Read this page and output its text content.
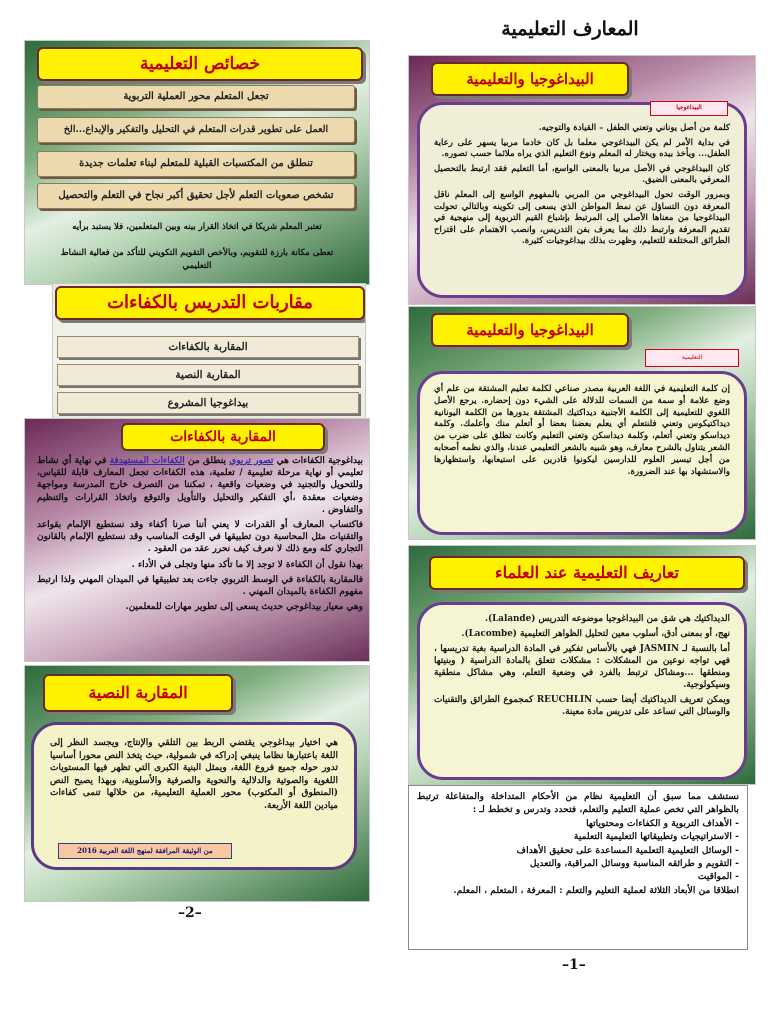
المعارف التعليمية
خصائص التعليمية
تجعل المتعلم محور العملية التربوية
العمل على تطوير قدرات المتعلم في التحليل والتفكير والإبداع...الخ
تنطلق من المكتسبات القبلية للمتعلم لبناء تعلمات جديدة
تشخص صعوبات التعلم لأجل تحقيق أكبر نجاح في التعلم والتحصيل
تعتبر المعلم شريكا في اتخاذ القرار بينه وبين المتعلمين، فلا يستبد برأيه
تعطى مكانة بارزة للتقويم، وبالأخص التقويم التكويني للتأكد من فعالية النشاط التعليمي
مقاربات التدريس بالكفاءات
المقاربة بالكفاءات
المقاربة النصية
بيداغوجيا المشروع
المقاربة بالكفاءات

بيداغوجية الكفاءات هي تصور تربوي ينطلق من الكفاءات المستهدفة في نهاية أي نشاط تعليمي أو نهاية مرحلة تعليمية / تعلمية، هذه الكفاءات تجعل المعارف قابلة للقياس، وللتحويل والتجنيد في وضعيات واقعية ، تمكننا من التصرف خارج المدرسة ومواجهة وضعيات معقدة ،أي التفكير والتحليل والتأويل والتوقع واتخاذ القرارات والتنظيم والتفاوض .

فاكتساب المعارف أو القدرات لا يعني أننا صرنا أكفاء وقد نستطيع الإلمام بقواعد والتقنيات مثل المحاسبة دون تطبيقها في الوقت المناسب وقد نستطيع الإلمام بالقانون التجاري كله ومع ذلك لا نعرف كيف نحرر عقد من العقود .

بهذا نقول أن الكفاءة لا توجد إلا ما تأكد منها وتجلى في الأداء .

فالمقاربة بالكفاءة في الوسط التربوي جاءت بعد تطبيقها في الميدان المهني ولذا ارتبط مفهوم الكفاءة بالميدان المهني .

وهي معيار بيداغوجي حديث يسعى إلى تطوير مهارات للمعلمين.

المقاربة النصية
هي اختيار بيداغوجي يقتضي الربط بين التلقي والإنتاج، ويجسد النظر إلى اللغة باعتبارها نظاما ينبغي إدراكه في شمولية، حيث يتخذ النص محورا أساسيا تدور حوله جميع فروع اللغة، ويمثل البنية الكبرى التي تظهر فيها المستويات اللغوية والصوتية والدلالية والنحوية والصرفية والأسلوبية، وبهذا يصبح النص (المنطوق أو المكتوب) محور العملية التعليمية، من خلالها تنمى كفاءات ميادين اللغة الأربعة.
من الوثيقة المرافقة لمنهج اللغة العربية 2016
–2–
البيداغوجيا والتعليمية
البيداغوجيا

كلمة من أصل يوناني وتعني الطفل – القيادة والتوجيه.

في بداية الأمر لم يكن البيداغوجي معلما بل كان خادما مربيا يسهر على رعاية الطفل... ويأخذ بيده ويختار له المعلم ونوع التعليم الذي يراه ملائما حسب تصوره.

كان البيداغوجي في الأصل مربيا بالمعنى الواسع، أما التعليم فقد ارتبط بالتحصيل المعرفي بالمعنى الضيق.

وبمرور الوقت تحول البيداغوجي من المربي بالمفهوم الواسع إلى المعلم ناقل المعرفة دون التساؤل عن نمط المواطن الذي يسعى إلى تكوينه وبالتالي تحولت البيداغوجيا من معناها الأصلي إلى المرتبط بإشباع القيم التربوية إلى منهجية في تقديم المعرفة وارتبط ذلك بما يعرف بفن التدريس، وانصب الاهتمام على اقتراح الطرائق المختلفة للتعليم، وظهرت بذلك بيداغوجيات كثيرة.

البيداغوجيا والتعليمية
التعليمية
إن كلمة التعليمية في اللغة العربية مصدر صناعي لكلمة تعليم المشتقة من علم أي وضع علامة أو سمة من السمات للدلالة على الشيء دون إحضاره. يرجع الأصل اللغوي للتعليمية إلى الكلمة الأجنبية ديداكتيك المشتقة بدورها من الكلمة اليونانية ديداكتيكوس وتعني فلنتعلم أي يعلم بعضنا بعضا أو أتعلم منك وأعلمك. وكلمة ديداسكو وتعني أتعلم، وكلمة ديداسكن وتعني التعليم وكانت تطلق على ضرب من الشعر يتناول بالشرح معارف، وهو شبيه بالشعر التعليمي عندنا، والذي نظمه أصحابه من أجل تيسير العلوم للدارسين ليكونوا قادرين على استيعابها، واستظهارها والاستشهاد بها عند الضرورة.
تعاريف التعليمية عند العلماء

الديداكتيك هي شق من البيداغوجيا موضوعه التدريس (Lalande).

نهج، أو بمعنى أدق، أسلوب معين لتحليل الظواهر التعليمية (Lacombe).

أما بالنسبة لـ JASMIN فهي بالأساس تفكير في المادة الدراسية بغية تدريسها ، فهي تواجه نوعين من المشكلات : مشكلات تتعلق بالمادة الدراسية ( وبنيتها ومنطقها ...ومشاكل ترتبط بالفرد في وضعية التعلم، وهي مشاكل منطقية وسيكولوجية.

ويمكن تعريف الديداكتيك أيضا حسب REUCHLIN كمجموع الطرائق والتقنيات والوسائل التي تساعد على تدريس مادة معينة.

نستشف مما سبق أن التعليمية نظام من الأحكام المتداخلة والمتفاعلة ترتبط بالظواهر التي تخص عملية التعليم والتعلم، فتحدد وتدرس و تخطط لـ :
- الأهداف التربوية و الكفاءات ومحتوياتها
- الاستراتيجيات وتطبيقاتها التعليمية التعلمية
- الوسائل التعليمية التعلمية المساعدة على تحقيق الأهداف
- التقويم و طرائقه المناسبة ووسائل المراقبة، والتعديل
- المواقيت
انطلاقا من الأبعاد الثلاثة لعملية التعليم والتعلم : المعرفة ، المتعلم ، المعلم.
–1–
